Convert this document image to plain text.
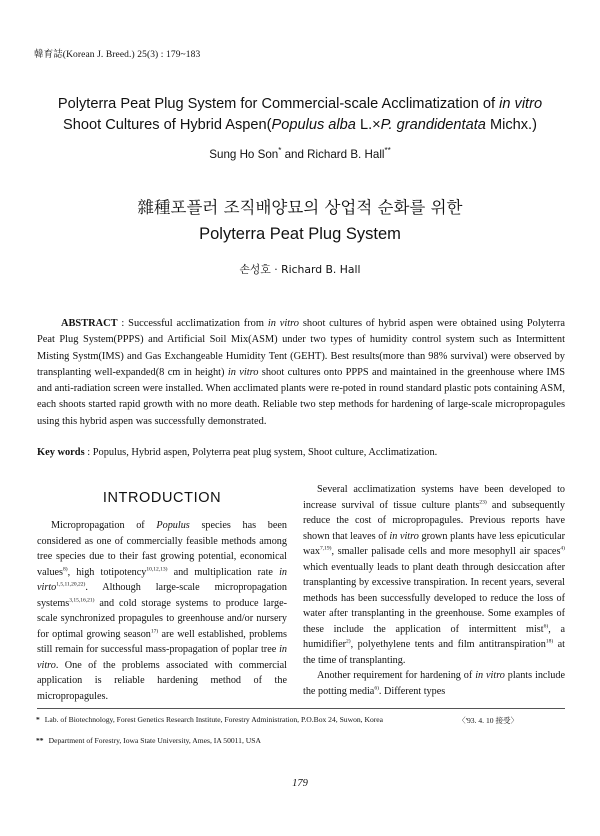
韓育誌(Korean J. Breed.) 25(3) : 179~183
Polyterra Peat Plug System for Commercial-scale Acclimatization of in vitro
Shoot Cultures of Hybrid Aspen(Populus alba L.×P. grandidentata Michx.)
Sung Ho Son* and Richard B. Hall**
雜種포플러 조직배양묘의 상업적 순화를 위한
Polyterra Peat Plug System
손성호 · Richard B. Hall
ABSTRACT : Successful acclimatization from in vitro shoot cultures of hybrid aspen were obtained using Polyterra Peat Plug System(PPPS) and Artificial Soil Mix(ASM) under two types of humidity control system such as Intermittent Misting Systm(IMS) and Gas Exchangeable Humidity Tent (GEHT). Best results(more than 98% survival) were observed by transplanting well-expanded(8 cm in height) in vitro shoot cultures onto PPPS and maintained in the greenhouse where IMS and anti-radiation screen were installed. When acclimated plants were re-poted in round standard plastic pots containing ASM, each shoots started rapid growth with no more death. Reliable two step methods for hardening of large-scale micropropagules using this hybrid aspen was successfully demonstrated.
Key words : Populus, Hybrid aspen, Polyterra peat plug system, Shoot culture, Acclimatization.
INTRODUCTION
Micropropagation of Populus species has been considered as one of commercially feasible methods among tree species due to their fast growing potential, economical values$^{8)}$, high totipotency$^{10,12,13)}$ and multiplication rate in virto$^{1,5,11,20,22)}$. Although large-scale micropropagation systems$^{3,15,16,21)}$ and cold storage systems to produce large-scale synchronized propagules to greenhouse and/or nursery for optimal growing season$^{17)}$ are well established, problems still remain for successful mass-propagation of poplar tree in vitro. One of the problems associated with commercial application is reliable hardening method of the micropropagules.

Several acclimatization systems have been developed to increase survival of tissue culture plants$^{23)}$ and subsequently reduce the cost of micropropagules. Previous reports have shown that leaves of in vitro grown plants have less epicuticular wax$^{7,19)}$, smaller palisade cells and more mesophyll air spaces$^{4)}$ which eventually leads to plant death through desiccation after transplanting by excessive transpiration. In recent years, several methods has been successfully developed to reduce the loss of water after transplanting in the greenhouse. Some examples of these include the application of intermittent mist$^{6)}$, a humidifier$^{2)}$, polyethylene tents and film antitranspiration$^{18)}$ at the time of transplanting.

Another requirement for hardening of in vitro plants include the potting media$^{6)}$. Different types

* Lab. of Biotechnology, Forest Genetics Research Institute, Forestry Administration, P.O.Box 24, Suwon, Korea	〈'93. 4. 10 接受〉
** Department of Forestry, Iowa State University, Ames, IA 50011, USA
179
